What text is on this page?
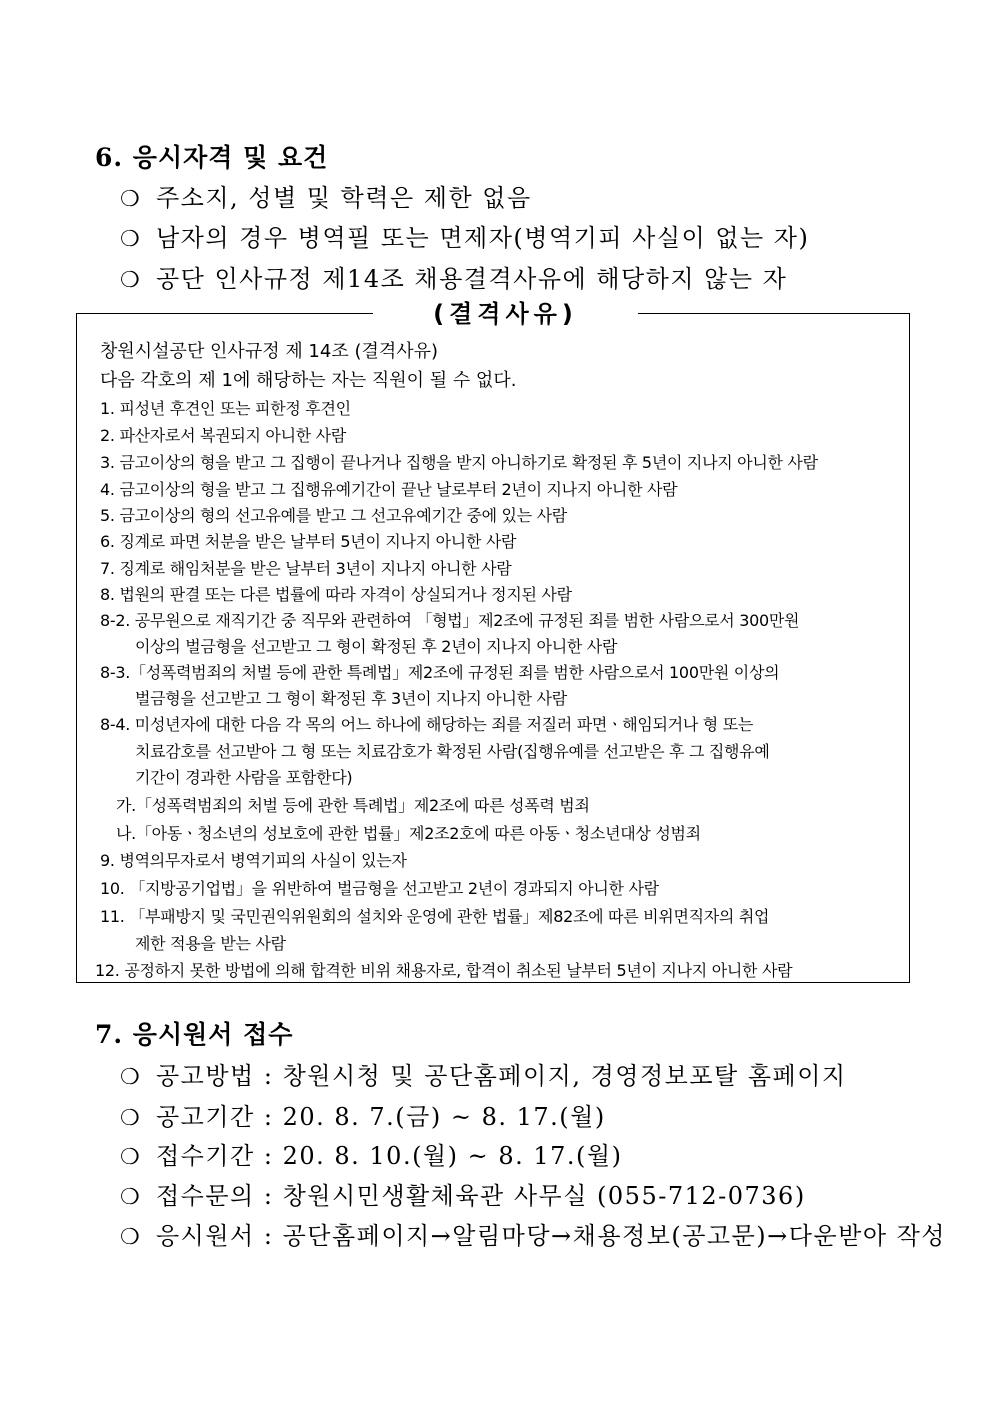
6. 응시자격 및 요건
❍ 주소지, 성별 및 학력은 제한 없음
❍ 남자의 경우 병역필 또는 면제자(병역기피 사실이 없는 자)
❍ 공단 인사규정 제14조 채용결격사유에 해당하지 않는 자
(결격사유)
창원시설공단 인사규정 제 14조 (결격사유)
다음 각호의 제 1에 해당하는 자는 직원이 될 수 없다.
1. 피성년 후견인 또는 피한정 후견인
2. 파산자로서 복권되지 아니한 사람
3. 금고이상의 형을 받고 그 집행이 끝나거나 집행을 받지 아니하기로 확정된 후 5년이 지나지 아니한 사람
4. 금고이상의 형을 받고 그 집행유예기간이 끝난 날로부터 2년이 지나지 아니한 사람
5. 금고이상의 형의 선고유예를 받고 그 선고유예기간 중에 있는 사람
6. 징계로 파면 처분을 받은 날부터 5년이 지나지 아니한 사람
7. 징계로 해임처분을 받은 날부터 3년이 지나지 아니한 사람
8. 법원의 판결 또는 다른 법률에 따라 자격이 상실되거나 정지된 사람
8-2. 공무원으로 재직기간 중 직무와 관련하여 「형법」제2조에 규정된 죄를 범한 사람으로서 300만원
이상의 벌금형을 선고받고 그 형이 확정된 후 2년이 지나지 아니한 사람
8-3.「성폭력범죄의 처벌 등에 관한 특례법」제2조에 규정된 죄를 범한 사람으로서 100만원 이상의
벌금형을 선고받고 그 형이 확정된 후 3년이 지나지 아니한 사람
8-4. 미성년자에 대한 다음 각 목의 어느 하나에 해당하는 죄를 저질러 파면ㆍ해임되거나 형 또는
치료감호를 선고받아 그 형 또는 치료감호가 확정된 사람(집행유예를 선고받은 후 그 집행유예
기간이 경과한 사람을 포함한다)
가.「성폭력범죄의 처벌 등에 관한 특례법」제2조에 따른 성폭력 범죄
나.「아동ㆍ청소년의 성보호에 관한 법률」제2조2호에 따른 아동ㆍ청소년대상 성범죄
9. 병역의무자로서 병역기피의 사실이 있는자
10. 「지방공기업법」을 위반하여 벌금형을 선고받고 2년이 경과되지 아니한 사람
11. 「부패방지 및 국민권익위원회의 설치와 운영에 관한 법률」제82조에 따른 비위면직자의 취업
제한 적용을 받는 사람
12. 공정하지 못한 방법에 의해 합격한 비위 채용자로, 합격이 취소된 날부터 5년이 지나지 아니한 사람
7. 응시원서 접수
❍ 공고방법 : 창원시청 및 공단홈페이지, 경영정보포탈 홈페이지
❍ 공고기간 : 20. 8. 7.(금) ~ 8. 17.(월)
❍ 접수기간 : 20. 8. 10.(월) ~ 8. 17.(월)
❍ 접수문의 : 창원시민생활체육관 사무실 (055-712-0736)
❍ 응시원서 : 공단홈페이지→알림마당→채용정보(공고문)→다운받아 작성
